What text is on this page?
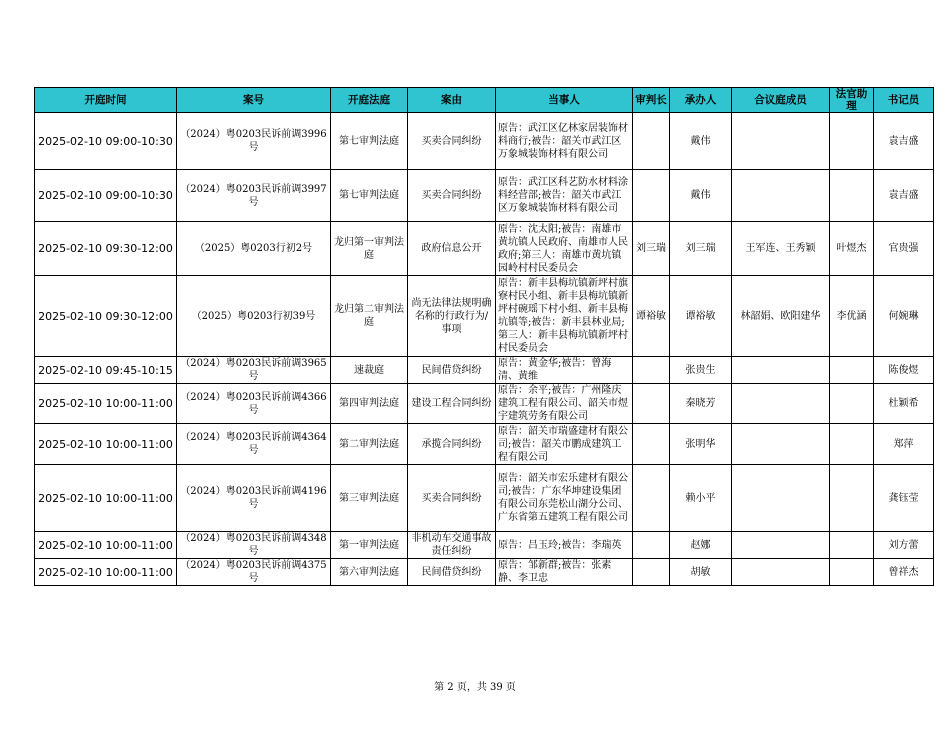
开庭时间	案号	开庭法庭	案由	当事人	审判长	承办人	合议庭成员	法官助理	书记员
2025-02-10 09:00-10:30	（2024）粤0203民诉前调3996号	第七审判法庭	买卖合同纠纷	原告：武江区亿林家居装饰材料商行;被告：韶关市武江区万象城装饰材料有限公司		戴伟			袁吉盛
2025-02-10 09:00-10:30	（2024）粤0203民诉前调3997号	第七审判法庭	买卖合同纠纷	原告：武江区科艺防水材料涂料经营部;被告：韶关市武江区万象城装饰材料有限公司		戴伟			袁吉盛
2025-02-10 09:30-12:00	（2025）粤0203行初2号	龙归第一审判法庭	政府信息公开	原告：沈太阳;被告：南雄市黄坑镇人民政府、南雄市人民政府;第三人：南雄市黄坑镇园岭村村民委员会	刘三瑞	刘三瑞	王军连、王秀颖	叶煜杰	官贵强
2025-02-10 09:30-12:00	（2025）粤0203行初39号	龙归第二审判法庭	尚无法律法规明确名称的行政行为/事项	原告：新丰县梅坑镇新坪村旗寮村民小组、新丰县梅坑镇新坪村碗瑶下村小组、新丰县梅坑镇等;被告：新丰县林业局;第三人：新丰县梅坑镇新坪村村民委员会	谭裕敏	谭裕敏	林韶娟、欧阳建华	李优涵	何婉琳
2025-02-10 09:45-10:15	（2024）粤0203民诉前调3965号	速裁庭	民间借贷纠纷	原告：黄金华;被告：曾海清、黄维		张贵生			陈俊煜
2025-02-10 10:00-11:00	（2024）粤0203民诉前调4366号	第四审判法庭	建设工程合同纠纷	原告：余平;被告：广州隆庆建筑工程有限公司、韶关市煜宇建筑劳务有限公司		秦晓芳			杜颖希
2025-02-10 10:00-11:00	（2024）粤0203民诉前调4364号	第二审判法庭	承揽合同纠纷	原告：韶关市瑞盛建材有限公司;被告：韶关市鹏成建筑工程有限公司		张明华			郑萍
2025-02-10 10:00-11:00	（2024）粤0203民诉前调4196号	第三审判法庭	买卖合同纠纷	原告：韶关市宏乐建材有限公司;被告：广东华坤建设集团有限公司东莞松山湖分公司、广东省第五建筑工程有限公司		赖小平			龚钰莹
2025-02-10 10:00-11:00	（2024）粤0203民诉前调4348号	第一审判法庭	非机动车交通事故责任纠纷	原告：吕玉玲;被告：李瑞英		赵娜			刘方蕾
2025-02-10 10:00-11:00	（2024）粤0203民诉前调4375号	第六审判法庭	民间借贷纠纷	原告：邹新群;被告：张素静、李卫忠		胡敏			曾祥杰
第 2 页，共 39 页
